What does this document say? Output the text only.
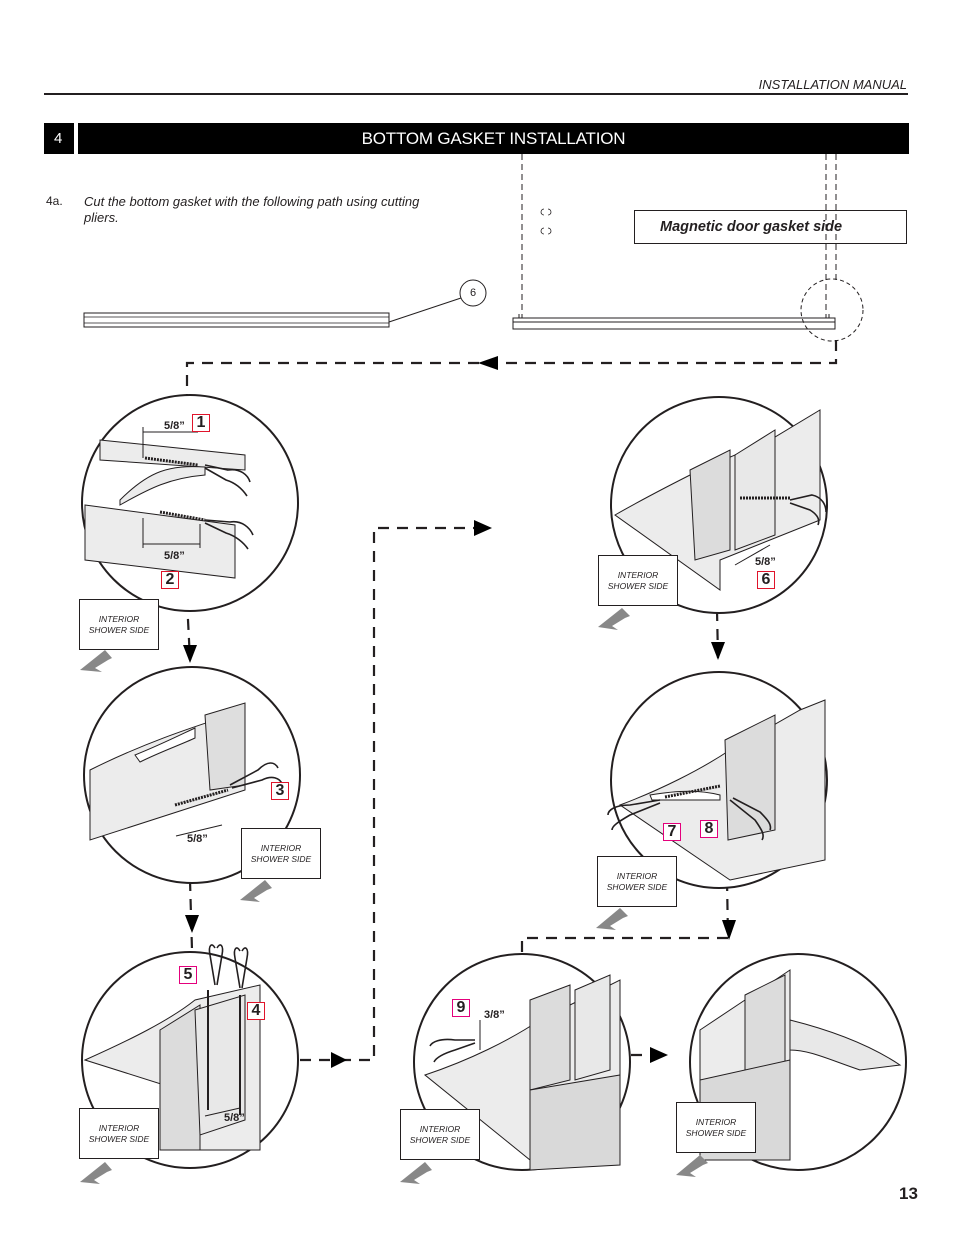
INSTALLATION MANUAL
4	BOTTOM GASKET INSTALLATION
4a. Cut the bottom gasket with the following path using cutting pliers.
Magnetic door gasket side
6
1
2
3
4
5
6
7 8
9
5/8”
5/8”
5/8”
5/8”
5/8”
3/8”
INTERIOR
SHOWER SIDE
INTERIOR
SHOWER SIDE
INTERIOR
SHOWER SIDE
INTERIOR
SHOWER SIDE
INTERIOR
SHOWER SIDE
INTERIOR
SHOWER SIDE
INTERIOR
SHOWER SIDE
13
